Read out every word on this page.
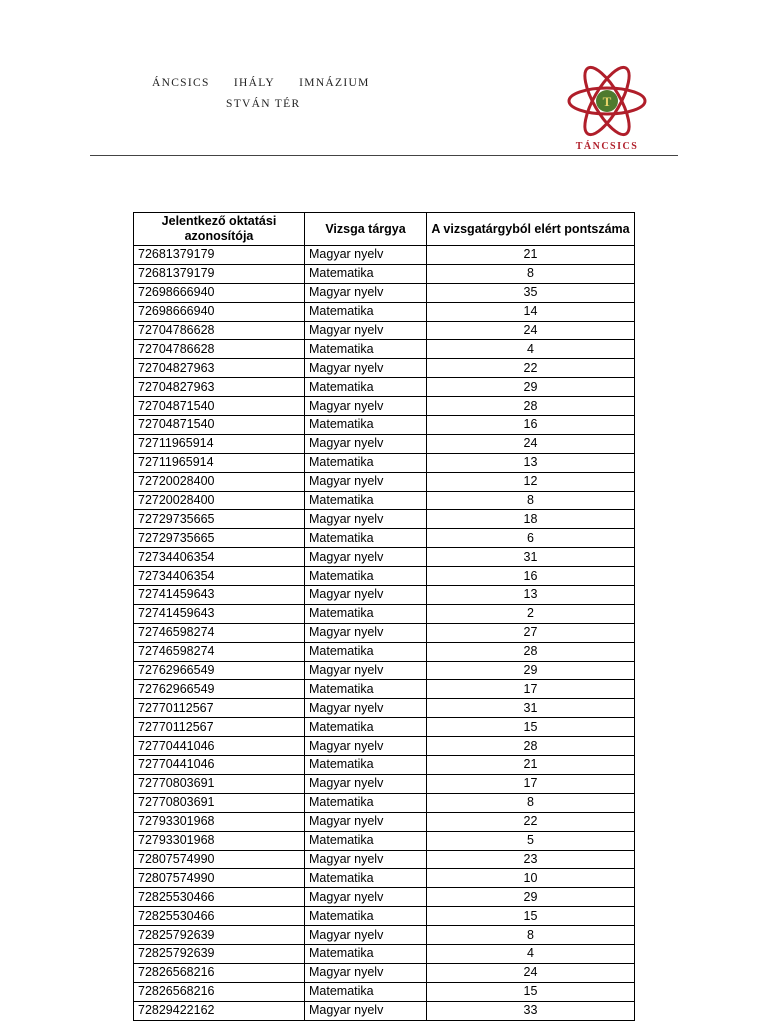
ÁNCSICS IHÁLY IMNÁZIUM
STVÁN TÉR	T
TÁNCSICS
Jelentkező oktatási azonosítója	Vizsga tárgya	A vizsgatárgyból elért pontszáma
72681379179	Magyar nyelv	21
72681379179	Matematika	8
72698666940	Magyar nyelv	35
72698666940	Matematika	14
72704786628	Magyar nyelv	24
72704786628	Matematika	4
72704827963	Magyar nyelv	22
72704827963	Matematika	29
72704871540	Magyar nyelv	28
72704871540	Matematika	16
72711965914	Magyar nyelv	24
72711965914	Matematika	13
72720028400	Magyar nyelv	12
72720028400	Matematika	8
72729735665	Magyar nyelv	18
72729735665	Matematika	6
72734406354	Magyar nyelv	31
72734406354	Matematika	16
72741459643	Magyar nyelv	13
72741459643	Matematika	2
72746598274	Magyar nyelv	27
72746598274	Matematika	28
72762966549	Magyar nyelv	29
72762966549	Matematika	17
72770112567	Magyar nyelv	31
72770112567	Matematika	15
72770441046	Magyar nyelv	28
72770441046	Matematika	21
72770803691	Magyar nyelv	17
72770803691	Matematika	8
72793301968	Magyar nyelv	22
72793301968	Matematika	5
72807574990	Magyar nyelv	23
72807574990	Matematika	10
72825530466	Magyar nyelv	29
72825530466	Matematika	15
72825792639	Magyar nyelv	8
72825792639	Matematika	4
72826568216	Magyar nyelv	24
72826568216	Matematika	15
72829422162	Magyar nyelv	33
